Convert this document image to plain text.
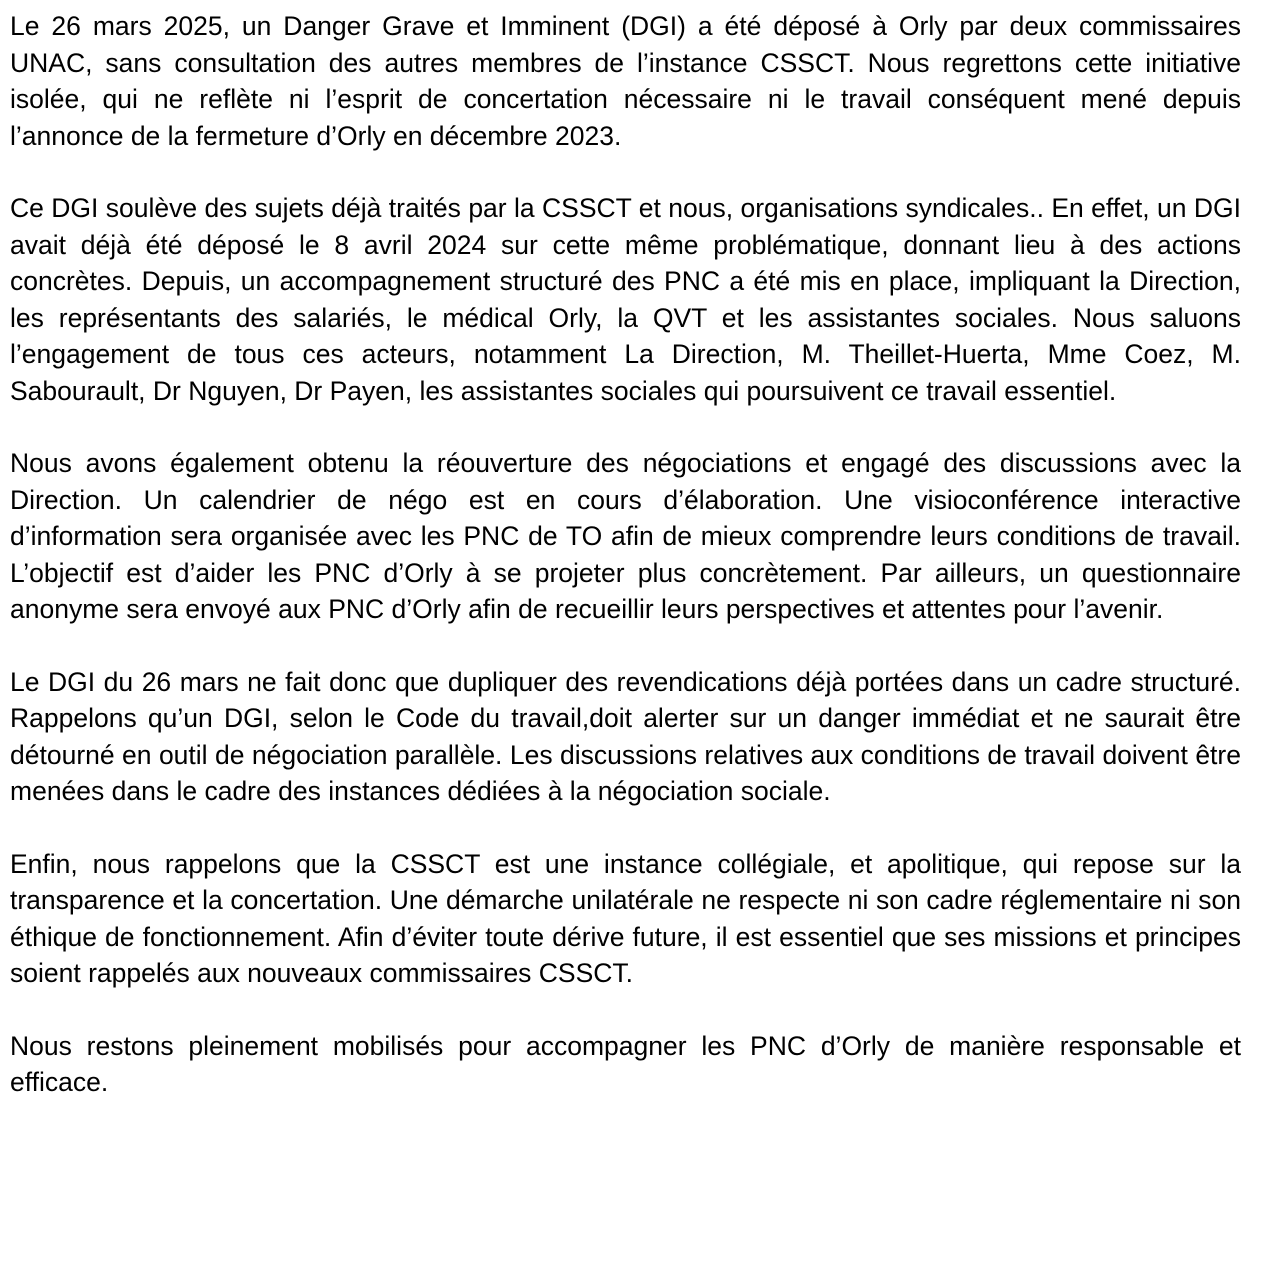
Le 26 mars 2025, un Danger Grave et Imminent (DGI) a été déposé à Orly par deux commissaires UNAC, sans consultation des autres membres de l’instance CSSCT. Nous regrettons cette initiative isolée, qui ne reflète ni l’esprit de concertation nécessaire ni le travail conséquent mené depuis l’annonce de la fermeture d’Orly en décembre 2023.

Ce DGI soulève des sujets déjà traités par la CSSCT et nous, organisations syndicales.. En effet, un DGI avait déjà été déposé le 8 avril 2024 sur cette même problématique, donnant lieu à des actions concrètes. Depuis, un accompagnement structuré des PNC a été mis en place, impliquant la Direction, les représentants des salariés, le médical Orly, la QVT et les assistantes sociales. Nous saluons l’engagement de tous ces acteurs, notamment La Direction, M. Theillet-Huerta, Mme Coez, M. Sabourault, Dr Nguyen, Dr Payen, les assistantes sociales qui poursuivent ce travail essentiel.

Nous avons également obtenu la réouverture des négociations et engagé des discussions avec la Direction. Un calendrier de négo est en cours d’élaboration. Une visioconférence interactive d’information sera organisée avec les PNC de TO afin de mieux comprendre leurs conditions de travail. L’objectif est d’aider les PNC d’Orly à se projeter plus concrètement. Par ailleurs, un questionnaire anonyme sera envoyé aux PNC d’Orly afin de recueillir leurs perspectives et attentes pour l’avenir.

Le DGI du 26 mars ne fait donc que dupliquer des revendications déjà portées dans un cadre structuré. Rappelons qu’un DGI, selon le Code du travail,doit alerter sur un danger immédiat et ne saurait être détourné en outil de négociation parallèle. Les discussions relatives aux conditions de travail doivent être menées dans le cadre des instances dédiées à la négociation sociale.

Enfin, nous rappelons que la CSSCT est une instance collégiale, et apolitique, qui repose sur la transparence et la concertation. Une démarche unilatérale ne respecte ni son cadre réglementaire ni son éthique de fonctionnement. Afin d’éviter toute dérive future, il est essentiel que ses missions et principes soient rappelés aux nouveaux commissaires CSSCT.

Nous restons pleinement mobilisés pour accompagner les PNC d’Orly de manière responsable et efficace.
